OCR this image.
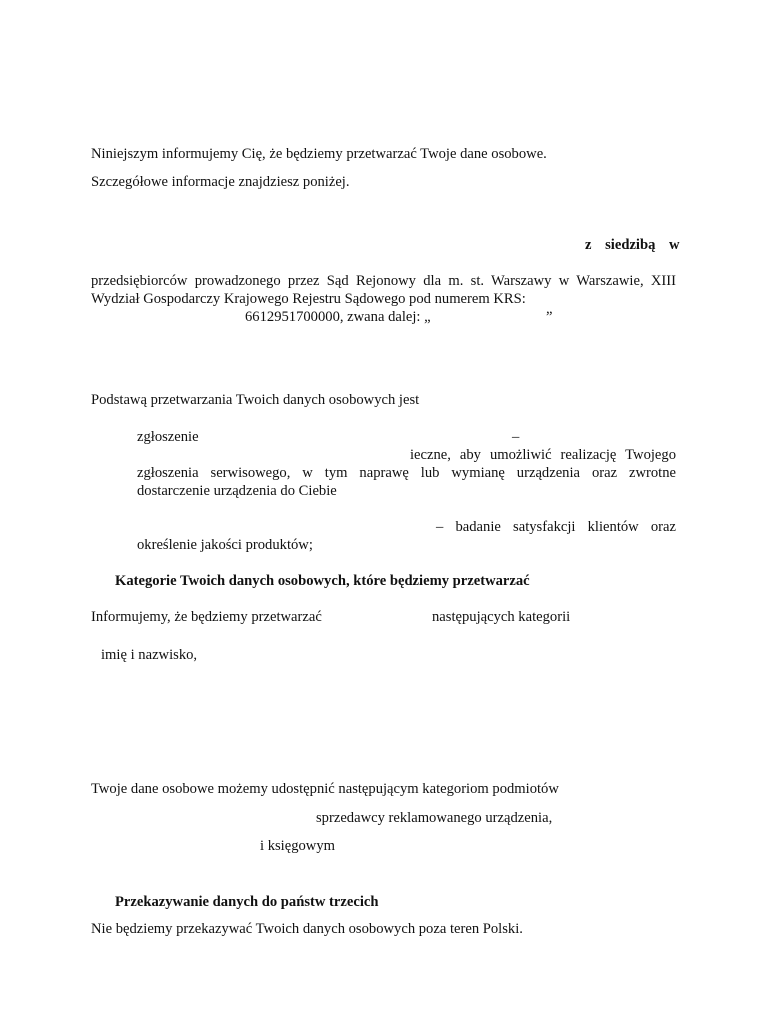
Niniejszym informujemy Cię, że będziemy przetwarzać Twoje dane osobowe.
Szczegółowe informacje znajdziesz poniżej.
z siedzibą w
przedsiębiorców prowadzonego przez Sąd Rejonowy dla m. st. Warszawy w Warszawie, XIII
Wydział Gospodarczy Krajowego Rejestru Sądowego pod numerem KRS:
6612951700000, zwana dalej: „	”
Podstawą przetwarzania Twoich danych osobowych jest
zgłoszenie	–
ieczne, aby umożliwić realizację Twojego
zgłoszenia serwisowego, w tym naprawę lub wymianę urządzenia oraz zwrotne
dostarczenie urządzenia do Ciebie
– badanie satysfakcji klientów oraz
określenie jakości produktów;
Kategorie Twoich danych osobowych, które będziemy przetwarzać
Informujemy, że będziemy przetwarzać	następujących kategorii
imię i nazwisko,
Twoje dane osobowe możemy udostępnić następującym kategoriom podmiotów
sprzedawcy reklamowanego urządzenia,
i księgowym
Przekazywanie danych do państw trzecich
Nie będziemy przekazywać Twoich danych osobowych poza teren Polski.
